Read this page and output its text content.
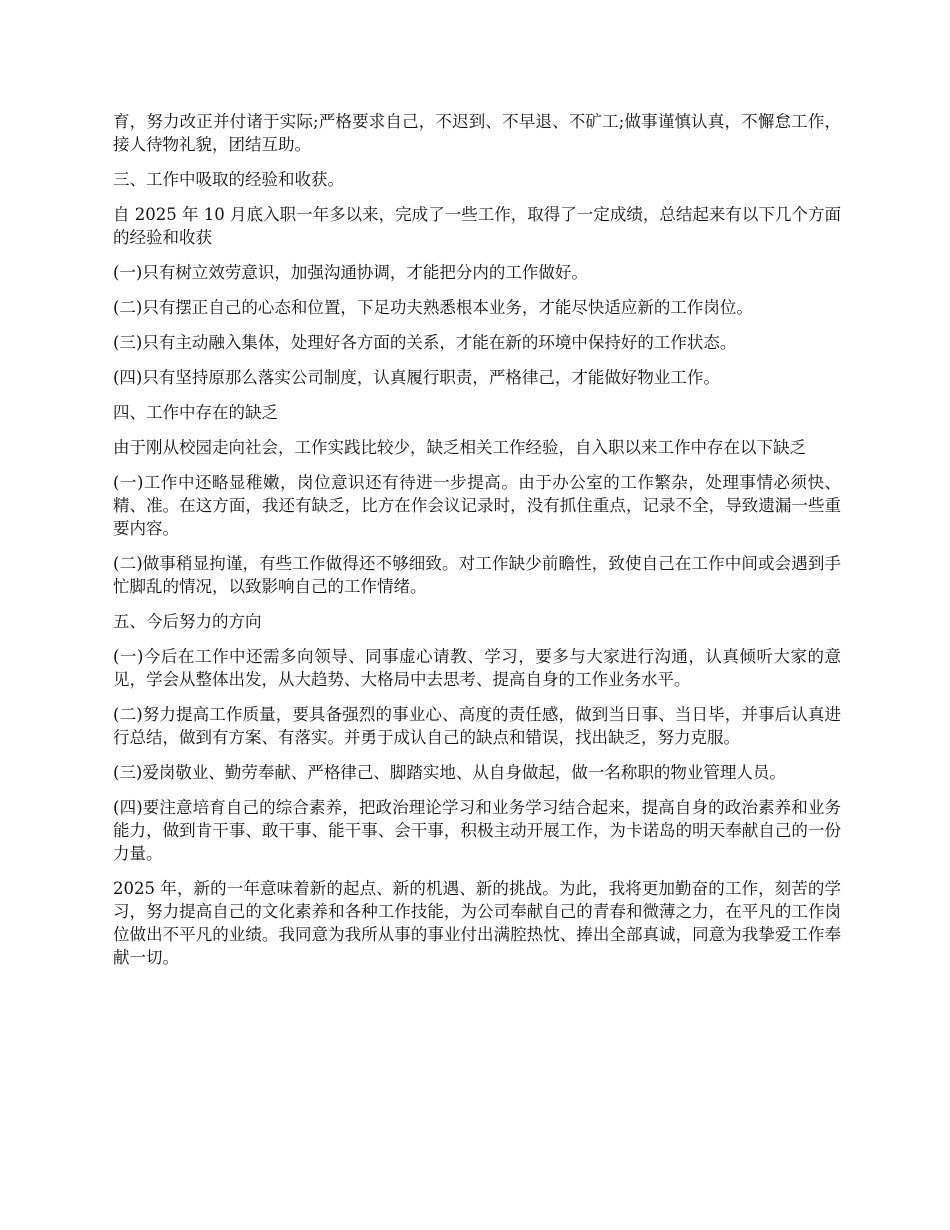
育，努力改正并付诸于实际;严格要求自己，不迟到、不早退、不矿工;做事谨慎认真，不懈怠工作，接人待物礼貌，团结互助。

三、工作中吸取的经验和收获。

自 2025 年 10 月底入职一年多以来，完成了一些工作，取得了一定成绩，总结起来有以下几个方面的经验和收获

(一)只有树立效劳意识，加强沟通协调，才能把分内的工作做好。

(二)只有摆正自己的心态和位置，下足功夫熟悉根本业务，才能尽快适应新的工作岗位。

(三)只有主动融入集体，处理好各方面的关系，才能在新的环境中保持好的工作状态。

(四)只有坚持原那么落实公司制度，认真履行职责，严格律己，才能做好物业工作。

四、工作中存在的缺乏

由于刚从校园走向社会，工作实践比较少，缺乏相关工作经验，自入职以来工作中存在以下缺乏

(一)工作中还略显稚嫩，岗位意识还有待进一步提高。由于办公室的工作繁杂，处理事情必须快、精、准。在这方面，我还有缺乏，比方在作会议记录时，没有抓住重点，记录不全，导致遗漏一些重要内容。

(二)做事稍显拘谨，有些工作做得还不够细致。对工作缺少前瞻性，致使自己在工作中间或会遇到手忙脚乱的情况，以致影响自己的工作情绪。

五、今后努力的方向

(一)今后在工作中还需多向领导、同事虚心请教、学习，要多与大家进行沟通，认真倾听大家的意见，学会从整体出发，从大趋势、大格局中去思考、提高自身的工作业务水平。

(二)努力提高工作质量，要具备强烈的事业心、高度的责任感，做到当日事、当日毕，并事后认真进行总结，做到有方案、有落实。并勇于成认自己的缺点和错误，找出缺乏，努力克服。

(三)爱岗敬业、勤劳奉献、严格律己、脚踏实地、从自身做起，做一名称职的物业管理人员。

(四)要注意培育自己的综合素养，把政治理论学习和业务学习结合起来，提高自身的政治素养和业务能力，做到肯干事、敢干事、能干事、会干事，积极主动开展工作，为卡诺岛的明天奉献自己的一份力量。

2025 年，新的一年意味着新的起点、新的机遇、新的挑战。为此，我将更加勤奋的工作，刻苦的学习，努力提高自己的文化素养和各种工作技能，为公司奉献自己的青春和微薄之力，在平凡的工作岗位做出不平凡的业绩。我同意为我所从事的事业付出满腔热忱、捧出全部真诚，同意为我挚爱工作奉献一切。
